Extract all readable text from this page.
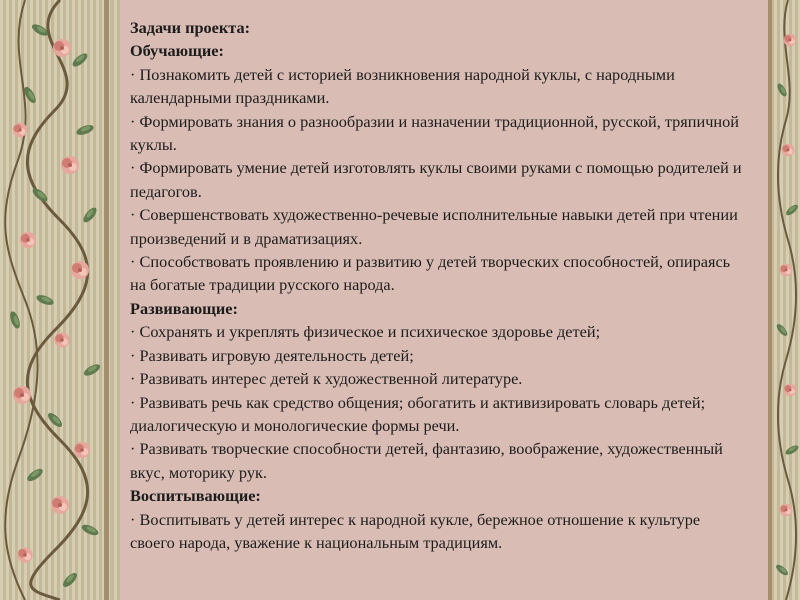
Задачи проекта:

Обучающие:

· Познакомить детей с историей возникновения народной куклы, с народными календарными праздниками.

· Формировать знания о разнообразии и назначении традиционной, русской, тряпичной куклы.

· Формировать умение детей изготовлять куклы своими руками с помощью родителей и педагогов.

· Совершенствовать художественно-речевые исполнительные навыки детей при чтении произведений и в драматизациях.

· Способствовать проявлению и развитию у детей творческих способностей, опираясь на богатые традиции русского народа.

Развивающие:

· Сохранять и укреплять физическое и психическое здоровье детей;

· Развивать игровую деятельность детей;

· Развивать интерес детей к художественной литературе.

· Развивать речь как средство общения; обогатить и активизировать словарь детей; диалогическую и монологические формы речи.

· Развивать творческие способности детей, фантазию, воображение, художественный вкус, моторику рук.

Воспитывающие:

· Воспитывать у детей интерес к народной кукле, бережное отношение к культуре своего народа, уважение к национальным традициям.
